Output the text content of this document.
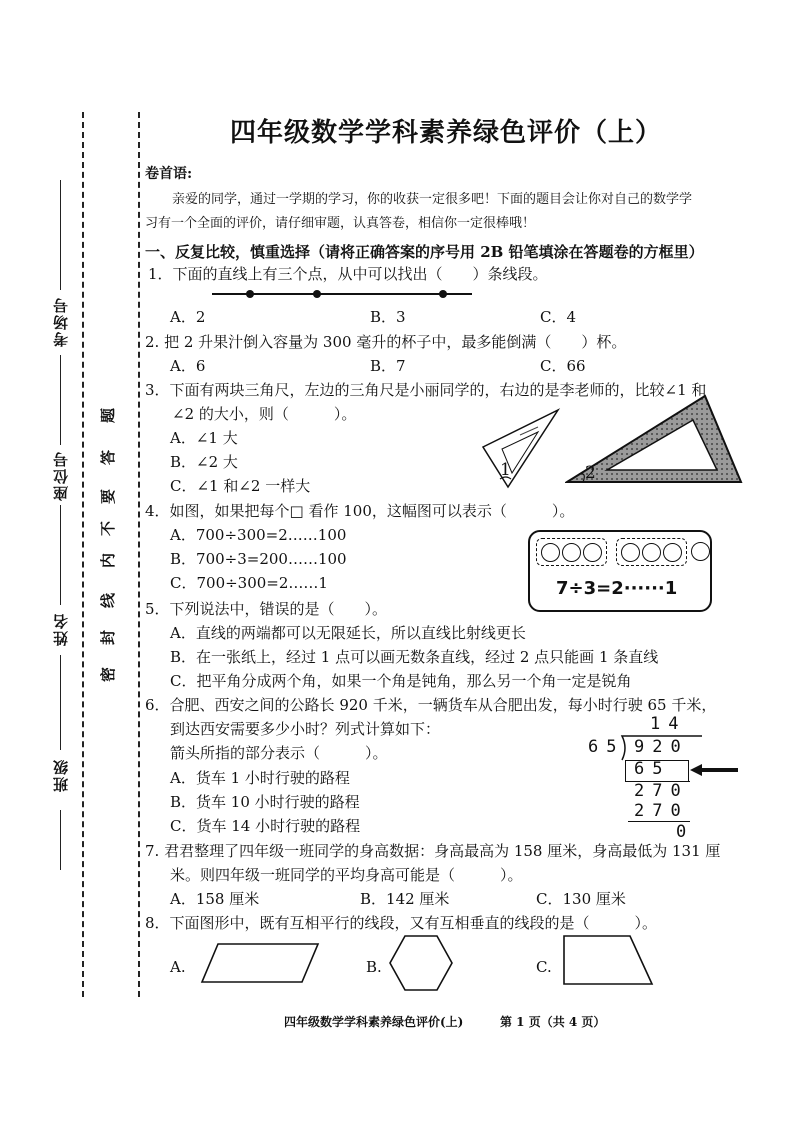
考场号
座位号
姓名
班级
题
答
要
不
内
线
封
密
四年级数学学科素养绿色评价（上）
卷首语:
亲爱的同学，通过一学期的学习，你的收获一定很多吧！下面的题目会让你对自己的数学学
习有一个全面的评价，请仔细审题，认真答卷，相信你一定很棒哦！
一、反复比较，慎重选择（请将正确答案的序号用 2B 铅笔填涂在答题卷的方框里）
1．下面的直线上有三个点，从中可以找出（　　）条线段。
A．2	B．3	C．4
2. 把 2 升果汁倒入容量为 300 毫升的杯子中，最多能倒满（　　）杯。
A．6	B．7	C．66
3．下面有两块三角尺，左边的三角尺是小丽同学的，右边的是李老师的，比较∠1 和
∠2 的大小，则（　　　）。
A．∠1 大
B．∠2 大
C．∠1 和∠2 一样大
1	2
4．如图，如果把每个□ 看作 100，这幅图可以表示（　　　）。
A．700÷300=2……100
B．700÷3=200……100
C．700÷300=2……1	7÷3=2······1
5．下列说法中，错误的是（　　）。
A．直线的两端都可以无限延长，所以直线比射线更长
B．在一张纸上，经过 1 点可以画无数条直线，经过 2 点只能画 1 条直线
C．把平角分成两个角，如果一个角是钝角，那么另一个角一定是锐角
6．合肥、西安之间的公路长 920 千米，一辆货车从合肥出发，每小时行驶 65 千米，
到达西安需要多少小时？列式计算如下：
箭头所指的部分表示（　　　）。
A．货车 1 小时行驶的路程
B．货车 10 小时行驶的路程
C．货车 14 小时行驶的路程
14
65 920
65
270
270
0
7. 君君整理了四年级一班同学的身高数据：身高最高为 158 厘米，身高最低为 131 厘
米。则四年级一班同学的平均身高可能是（　　　）。
A．158 厘米	B．142 厘米	C．130 厘米
8．下面图形中，既有互相平行的线段，又有互相垂直的线段的是（　　　）。
A.	B.	C.
四年级数学学科素养绿色评价(上)	第 1 页（共 4 页）
